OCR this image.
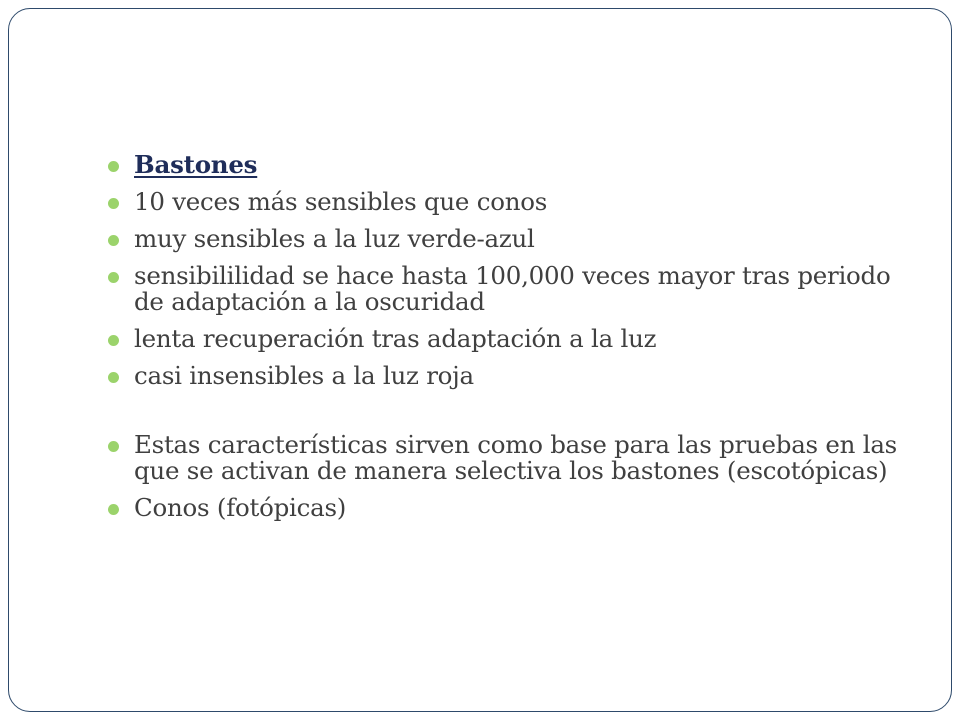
Bastones
10 veces más sensibles que conos
muy sensibles a la luz verde-azul
sensibililidad se hace hasta 100,000 veces mayor tras periodo de adaptación a la oscuridad
lenta recuperación tras adaptación a la luz
casi insensibles a la luz roja
Estas características sirven como base para las pruebas en las que se activan de manera selectiva los bastones (escotópicas)
Conos (fotópicas)
